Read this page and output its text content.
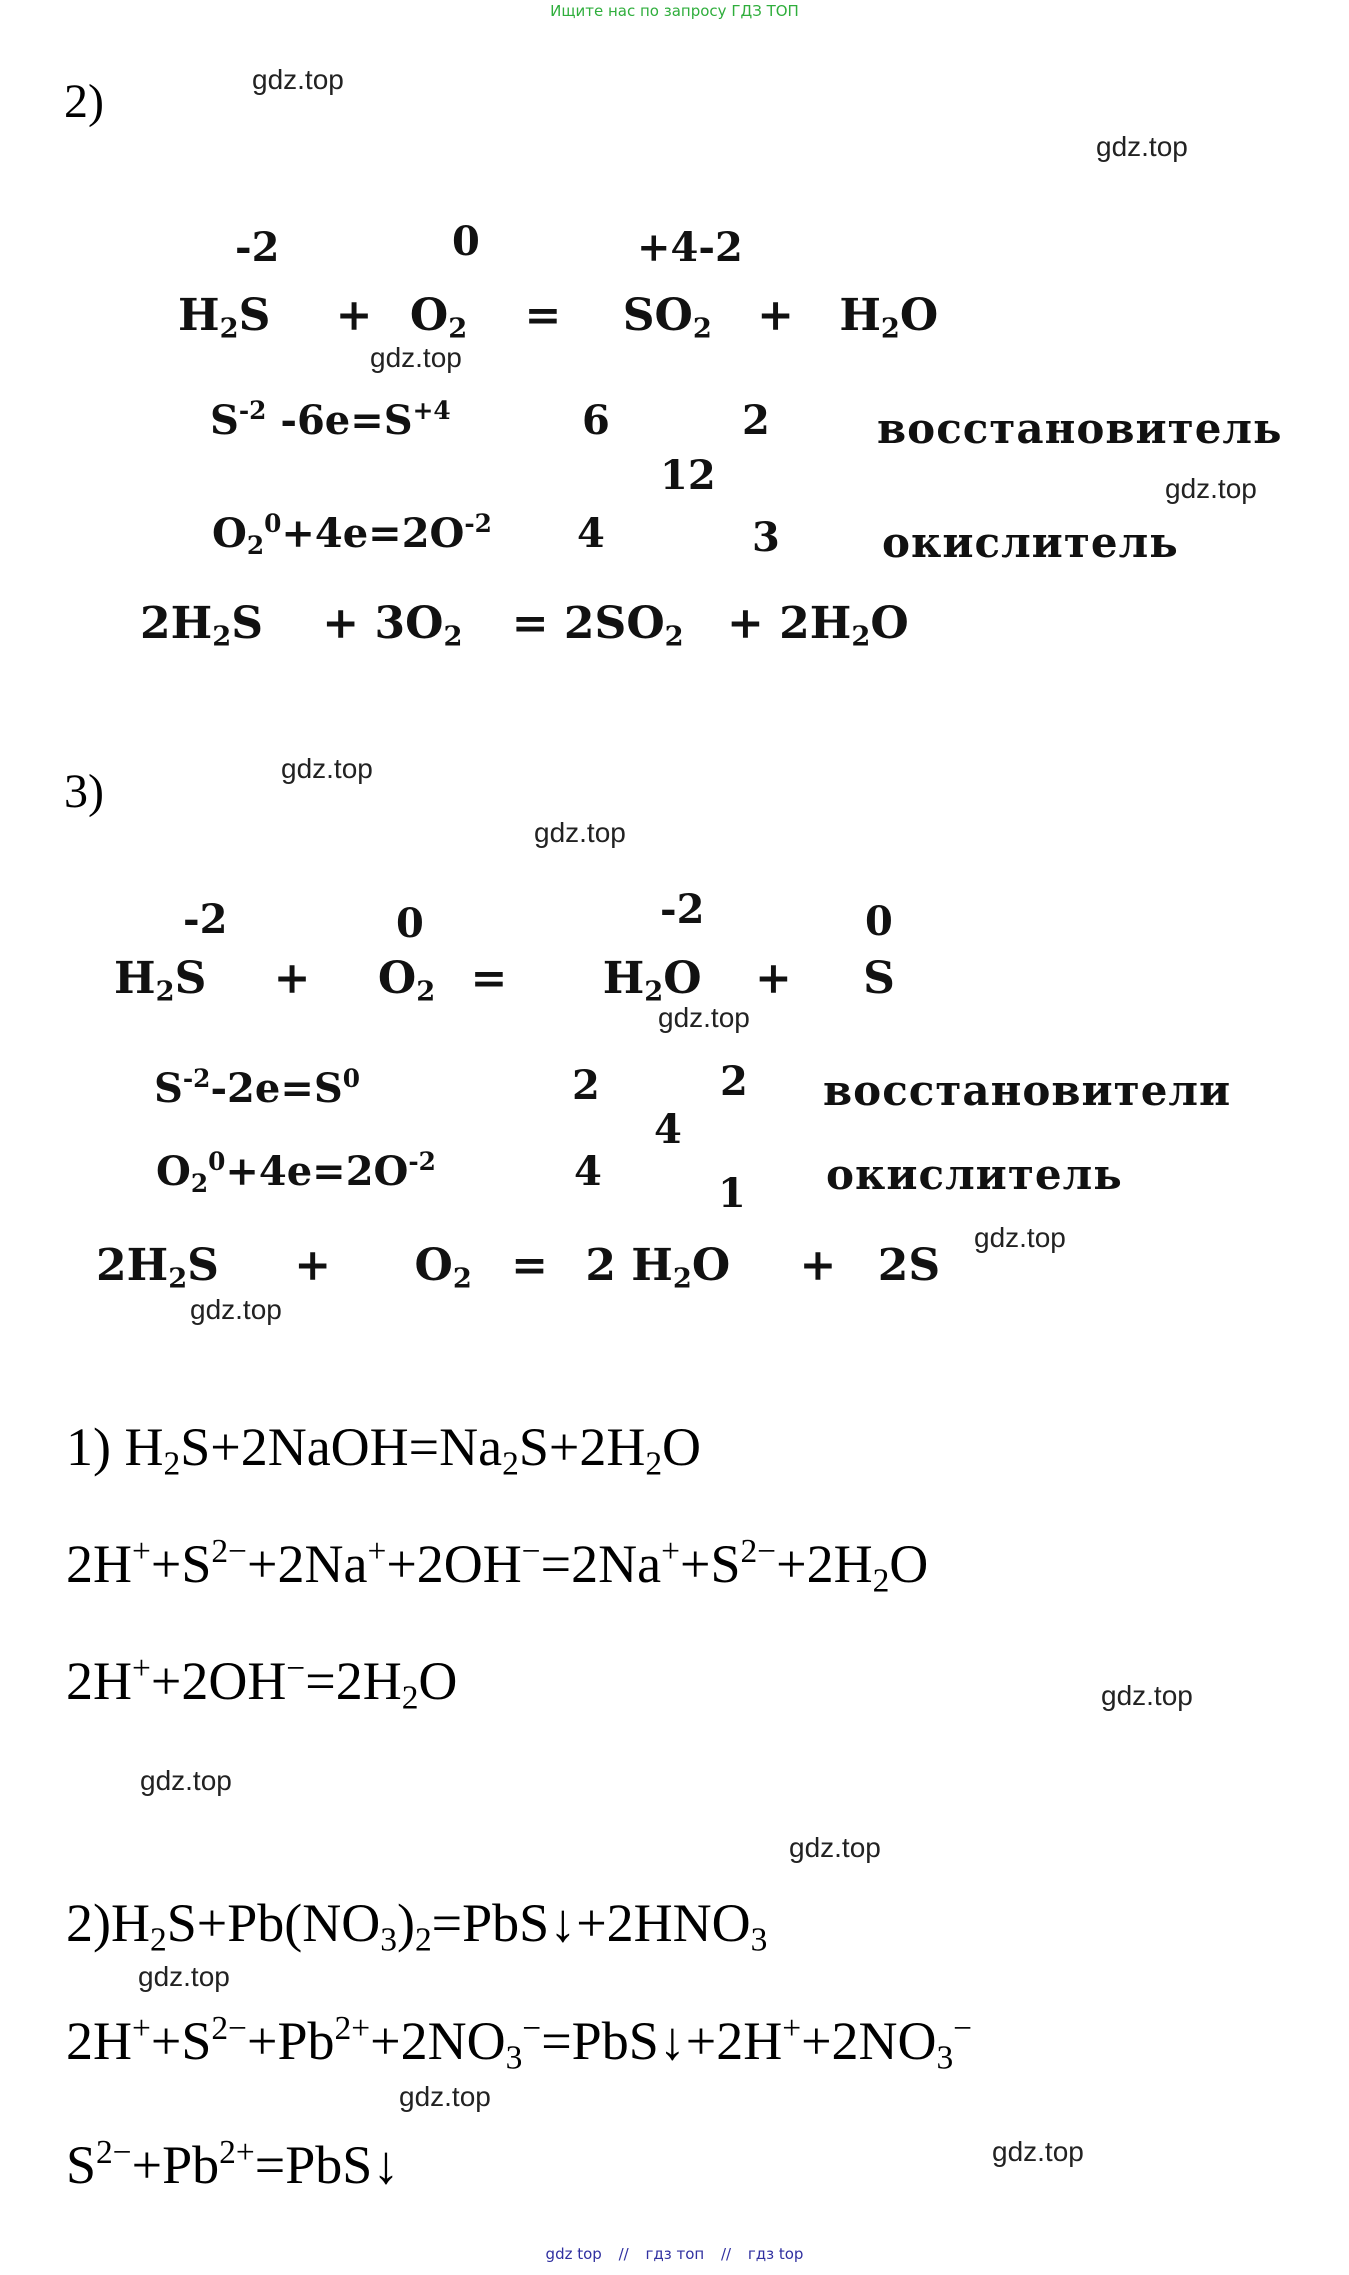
Ищите нас по запросу ГДЗ ТОП
gdz.top
gdz.top
gdz.top
gdz.top
gdz.top
gdz.top
gdz.top
gdz.top
gdz.top
gdz.top
gdz.top
gdz.top
gdz.top
gdz.top
gdz.top
2)
-2	0	+4-2
$H_2S + O_2 = SO_2 + H_2O$
$S^{-2}$ $-6e=S^{+4}$	6	2	восстановитель
12
$O_2^0+4e=2O^{-2}$ 4	3 окислитель
$2H_2S + 3O_2 = 2SO_2 + 2H_2O$
3)
-2	0	-2	0
$H_2S + O_2 = H_2O + S$
$S^{-2}-2e=S^0$	2	2 восстановители
4
$O_2^0+4e=2O^{-2}$	4	1 окислитель
$2H_2S + O_2 = 2$ $H_2O + 2S$
1) $H_2S+2NaOH=Na_2S+2H_2O$
$2H^++S^{2-}+2Na^++2OH^-=2Na^++S^{2-}+2H_2O$
$2H^++2OH^-=2H_2O$
$2)H_2S+Pb(NO_3)_2=PbS↓+2HNO_3$
$2H^++S^{2-}+Pb^{2+}+2NO_3^-=PbS↓+2H^++2NO_3^-$
$S^{2-}+Pb^{2+}=PbS↓$
gdz top // гдз топ // гдз top
